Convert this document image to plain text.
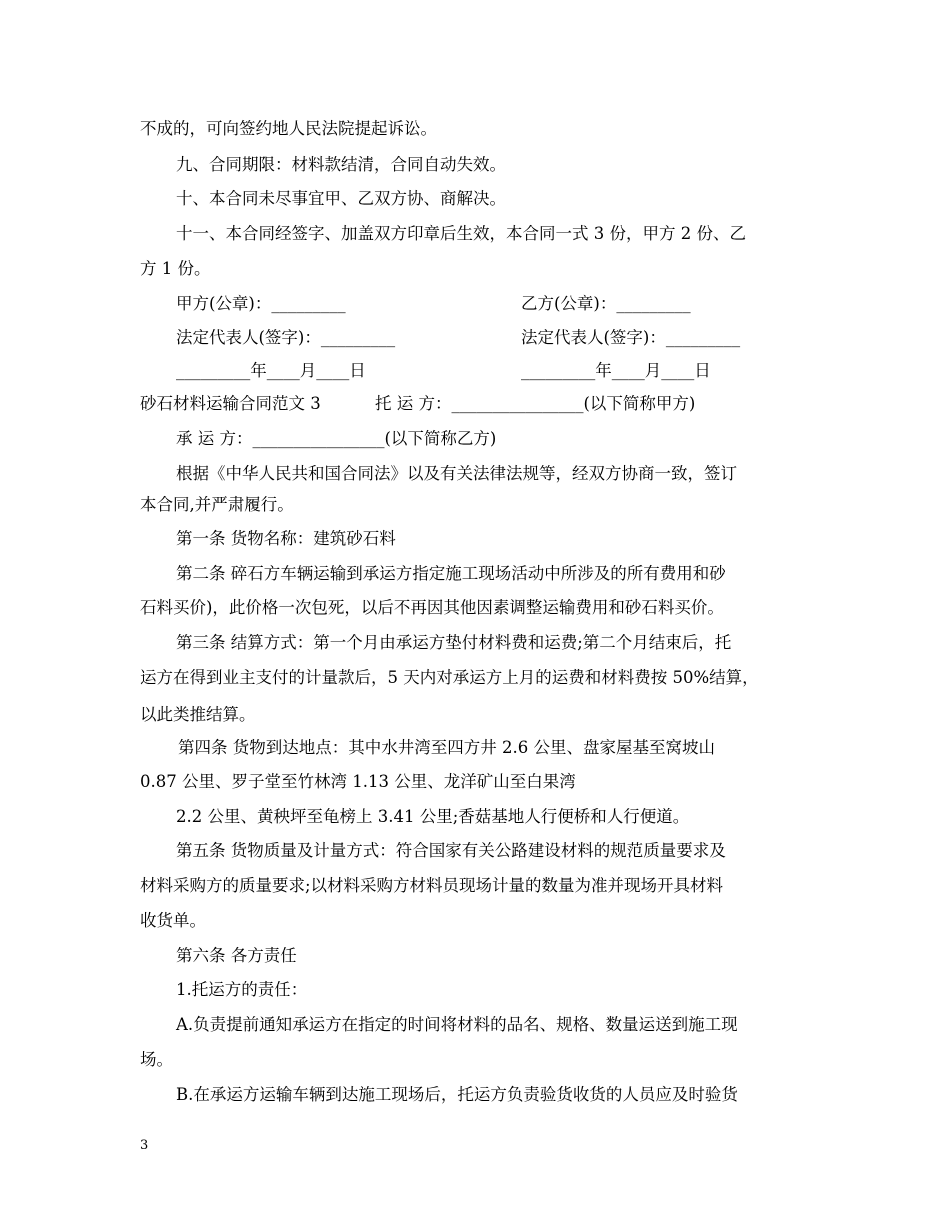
不成的，可向签约地人民法院提起诉讼。
九、合同期限：材料款结清，合同自动失效。
十、本合同未尽事宜甲、乙双方协、商解决。
十一、本合同经签字、加盖双方印章后生效，本合同一式 3 份，甲方 2 份、乙
方 1 份。
甲方(公章)：_________	乙方(公章)：_________
法定代表人(签字)：_________	法定代表人(签字)：_________
_________年____月____日	_________年____月____日
砂石材料运输合同范文 3	托 运 方：________________(以下简称甲方)
承 运 方：________________(以下简称乙方)
根据《中华人民共和国合同法》以及有关法律法规等，经双方协商一致，签订
本合同,并严肃履行。
第一条 货物名称：建筑砂石料
第二条 碎石方车辆运输到承运方指定施工现场活动中所涉及的所有费用和砂
石料买价)，此价格一次包死，以后不再因其他因素调整运输费用和砂石料买价。
第三条 结算方式：第一个月由承运方垫付材料费和运费;第二个月结束后，托
运方在得到业主支付的计量款后，5 天内对承运方上月的运费和材料费按 50%结算，
以此类推结算。
第四条 货物到达地点：其中水井湾至四方井 2.6 公里、盘家屋基至窝坡山
0.87 公里、罗子堂至竹林湾 1.13 公里、龙洋矿山至白果湾
2.2 公里、黄秧坪至龟榜上 3.41 公里;香菇基地人行便桥和人行便道。
第五条 货物质量及计量方式：符合国家有关公路建设材料的规范质量要求及
材料采购方的质量要求;以材料采购方材料员现场计量的数量为准并现场开具材料
收货单。
第六条 各方责任
1.托运方的责任：
A.负责提前通知承运方在指定的时间将材料的品名、规格、数量运送到施工现
场。
B.在承运方运输车辆到达施工现场后，托运方负责验货收货的人员应及时验货
3
